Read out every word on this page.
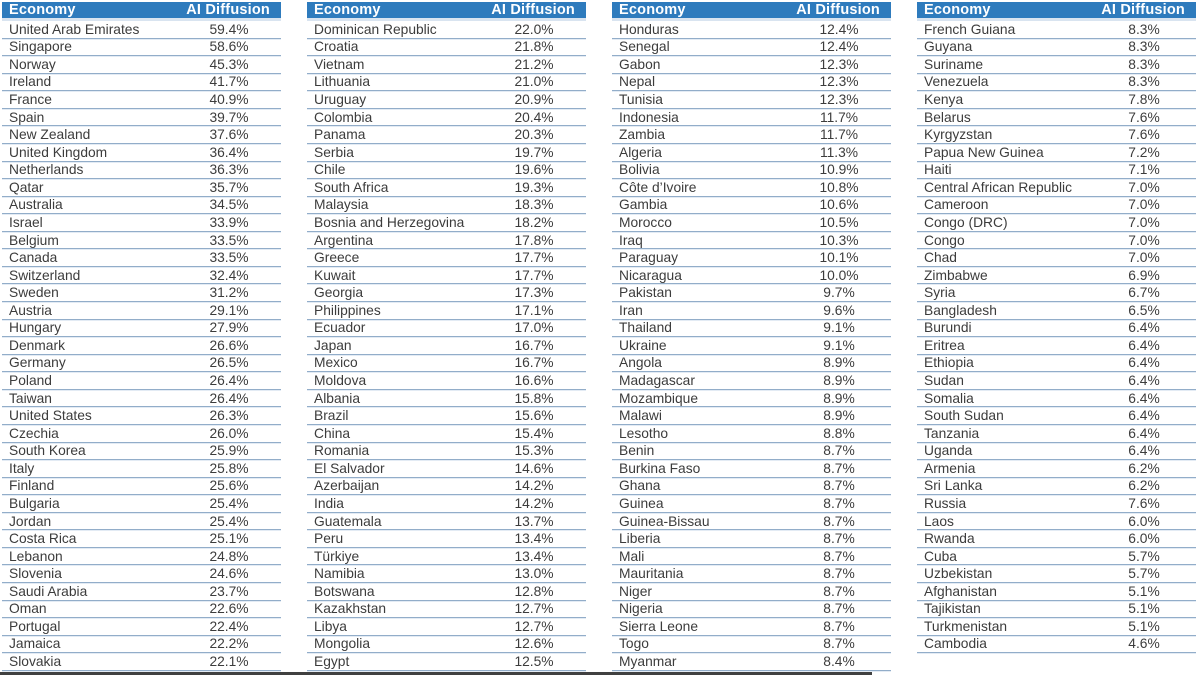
Economy	AI Diffusion
United Arab Emirates	59.4%
Singapore	58.6%
Norway	45.3%
Ireland	41.7%
France	40.9%
Spain	39.7%
New Zealand	37.6%
United Kingdom	36.4%
Netherlands	36.3%
Qatar	35.7%
Australia	34.5%
Israel	33.9%
Belgium	33.5%
Canada	33.5%
Switzerland	32.4%
Sweden	31.2%
Austria	29.1%
Hungary	27.9%
Denmark	26.6%
Germany	26.5%
Poland	26.4%
Taiwan	26.4%
United States	26.3%
Czechia	26.0%
South Korea	25.9%
Italy	25.8%
Finland	25.6%
Bulgaria	25.4%
Jordan	25.4%
Costa Rica	25.1%
Lebanon	24.8%
Slovenia	24.6%
Saudi Arabia	23.7%
Oman	22.6%
Portugal	22.4%
Jamaica	22.2%
Slovakia	22.1%
Economy	AI Diffusion
Dominican Republic	22.0%
Croatia	21.8%
Vietnam	21.2%
Lithuania	21.0%
Uruguay	20.9%
Colombia	20.4%
Panama	20.3%
Serbia	19.7%
Chile	19.6%
South Africa	19.3%
Malaysia	18.3%
Bosnia and Herzegovina	18.2%
Argentina	17.8%
Greece	17.7%
Kuwait	17.7%
Georgia	17.3%
Philippines	17.1%
Ecuador	17.0%
Japan	16.7%
Mexico	16.7%
Moldova	16.6%
Albania	15.8%
Brazil	15.6%
China	15.4%
Romania	15.3%
El Salvador	14.6%
Azerbaijan	14.2%
India	14.2%
Guatemala	13.7%
Peru	13.4%
Türkiye	13.4%
Namibia	13.0%
Botswana	12.8%
Kazakhstan	12.7%
Libya	12.7%
Mongolia	12.6%
Egypt	12.5%
Economy	AI Diffusion
Honduras	12.4%
Senegal	12.4%
Gabon	12.3%
Nepal	12.3%
Tunisia	12.3%
Indonesia	11.7%
Zambia	11.7%
Algeria	11.3%
Bolivia	10.9%
Côte d’Ivoire	10.8%
Gambia	10.6%
Morocco	10.5%
Iraq	10.3%
Paraguay	10.1%
Nicaragua	10.0%
Pakistan	9.7%
Iran	9.6%
Thailand	9.1%
Ukraine	9.1%
Angola	8.9%
Madagascar	8.9%
Mozambique	8.9%
Malawi	8.9%
Lesotho	8.8%
Benin	8.7%
Burkina Faso	8.7%
Ghana	8.7%
Guinea	8.7%
Guinea-Bissau	8.7%
Liberia	8.7%
Mali	8.7%
Mauritania	8.7%
Niger	8.7%
Nigeria	8.7%
Sierra Leone	8.7%
Togo	8.7%
Myanmar	8.4%
Economy	AI Diffusion
French Guiana	8.3%
Guyana	8.3%
Suriname	8.3%
Venezuela	8.3%
Kenya	7.8%
Belarus	7.6%
Kyrgyzstan	7.6%
Papua New Guinea	7.2%
Haiti	7.1%
Central African Republic	7.0%
Cameroon	7.0%
Congo (DRC)	7.0%
Congo	7.0%
Chad	7.0%
Zimbabwe	6.9%
Syria	6.7%
Bangladesh	6.5%
Burundi	6.4%
Eritrea	6.4%
Ethiopia	6.4%
Sudan	6.4%
Somalia	6.4%
South Sudan	6.4%
Tanzania	6.4%
Uganda	6.4%
Armenia	6.2%
Sri Lanka	6.2%
Russia	7.6%
Laos	6.0%
Rwanda	6.0%
Cuba	5.7%
Uzbekistan	5.7%
Afghanistan	5.1%
Tajikistan	5.1%
Turkmenistan	5.1%
Cambodia	4.6%
